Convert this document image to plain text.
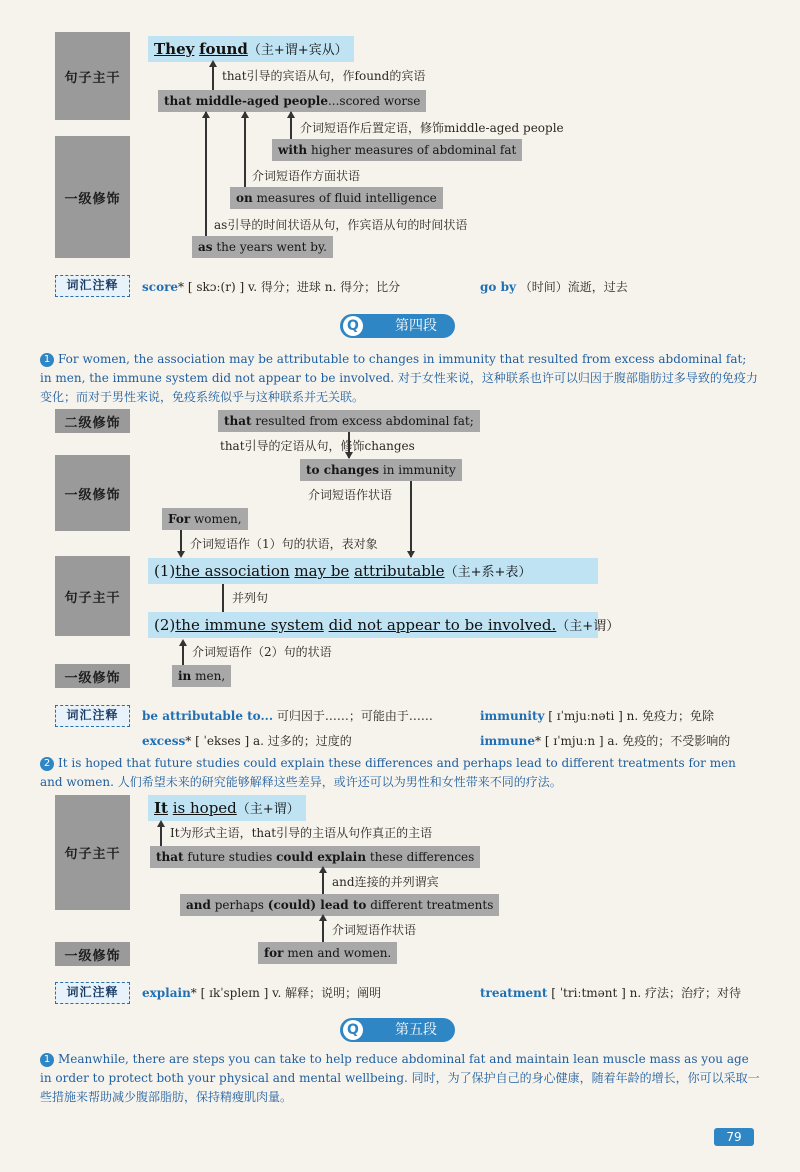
句子主干
一级修饰
They found（主+谓+宾从）
that引导的宾语从句，作found的宾语
that middle-aged people...scored worse
介词短语作后置定语，修饰middle-aged people
with higher measures of abdominal fat
介词短语作方面状语
on measures of fluid intelligence
as引导的时间状语从句，作宾语从句的时间状语
as the years went by.
词汇注释	score* [ skɔː(r) ] v. 得分；进球 n. 得分；比分	go by （时间）流逝，过去
Q	第四段
1 For women, the association may be attributable to changes in immunity that resulted from excess abdominal fat; in men, the immune system did not appear to be involved. 对于女性来说，这种联系也许可以归因于腹部脂肪过多导致的免疫力变化；而对于男性来说，免疫系统似乎与这种联系并无关联。
二级修饰
一级修饰
句子主干
一级修饰
that resulted from excess abdominal fat;
that引导的定语从句，修饰changes
to changes in immunity
介词短语作状语
For women,
介词短语作（1）句的状语，表对象
(1)the association may be attributable（主+系+表）
并列句
(2)the immune system did not appear to be involved.（主+谓）
介词短语作（2）句的状语
in men,
词汇注释	be attributable to... 可归因于……；可能由于……	immunity [ ɪˈmjuːnəti ] n. 免疫力；免除
excess* [ ˈekses ] a. 过多的；过度的	immune* [ ɪˈmjuːn ] a. 免疫的；不受影响的
2 It is hoped that future studies could explain these differences and perhaps lead to different treatments for men and women. 人们希望未来的研究能够解释这些差异，或许还可以为男性和女性带来不同的疗法。
句子主干
一级修饰
It is hoped（主+谓）
It为形式主语，that引导的主语从句作真正的主语
that future studies could explain these differences
and连接的并列谓宾
and perhaps (could) lead to different treatments
介词短语作状语
for men and women.
词汇注释	explain* [ ɪkˈspleɪn ] v. 解释；说明；阐明	treatment [ ˈtriːtmənt ] n. 疗法；治疗；对待
Q	第五段
1 Meanwhile, there are steps you can take to help reduce abdominal fat and maintain lean muscle mass as you age in order to protect both your physical and mental wellbeing. 同时，为了保护自己的身心健康，随着年龄的增长，你可以采取一些措施来帮助减少腹部脂肪，保持精瘦肌肉量。
79
